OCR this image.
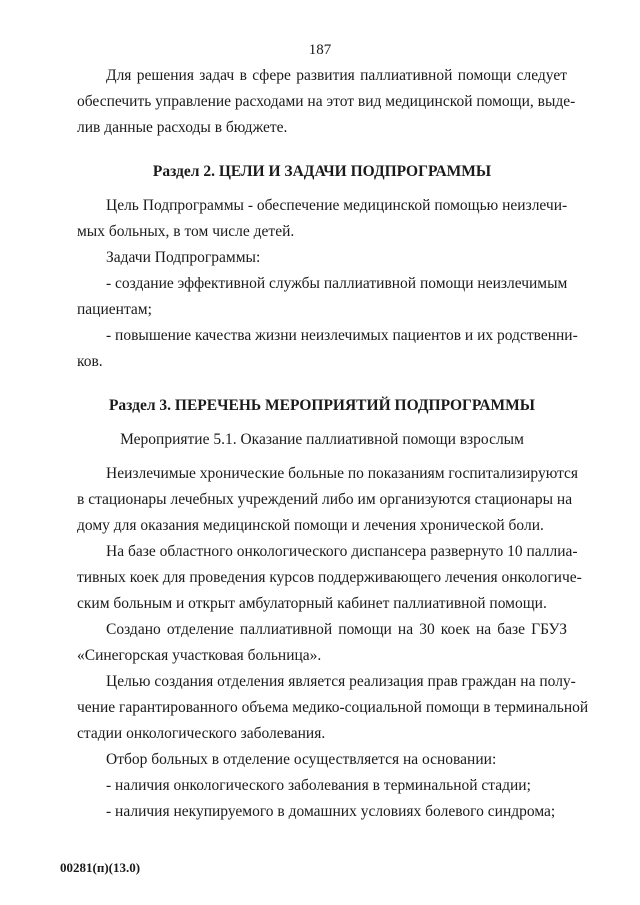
187
Для решения задач в сфере развития паллиативной помощи следует
обеспечить управление расходами на этот вид медицинской помощи, выде-
лив данные расходы в бюджете.
Раздел 2. ЦЕЛИ И ЗАДАЧИ ПОДПРОГРАММЫ
Цель Подпрограммы - обеспечение медицинской помощью неизлечи-
мых больных, в том числе детей.
Задачи Подпрограммы:
- создание эффективной службы паллиативной помощи неизлечимым
пациентам;
- повышение качества жизни неизлечимых пациентов и их родственни-
ков.
Раздел 3. ПЕРЕЧЕНЬ МЕРОПРИЯТИЙ ПОДПРОГРАММЫ
Мероприятие 5.1. Оказание паллиативной помощи взрослым
Неизлечимые хронические больные по показаниям госпитализируются
в стационары лечебных учреждений либо им организуются стационары на
дому для оказания медицинской помощи и лечения хронической боли.
На базе областного онкологического диспансера развернуто 10 паллиа-
тивных коек для проведения курсов поддерживающего лечения онкологиче-
ским больным и открыт амбулаторный кабинет паллиативной помощи.
Создано отделение паллиативной помощи на 30 коек на базе ГБУЗ
«Синегорская участковая больница».
Целью создания отделения является реализация прав граждан на полу-
чение гарантированного объема медико-социальной помощи в терминальной
стадии онкологического заболевания.
Отбор больных в отделение осуществляется на основании:
- наличия онкологического заболевания в терминальной стадии;
- наличия некупируемого в домашних условиях болевого синдрома;
00281(п)(13.0)
